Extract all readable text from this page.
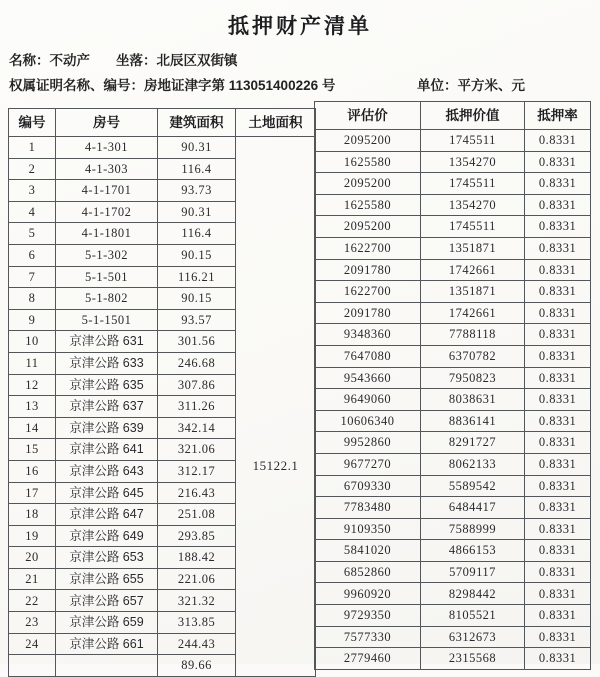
抵押财产清单
名称：不动产 坐落：北辰区双街镇
权属证明名称、编号：房地证津字第 113051400226 号	单位：平方米、元
编号	房号	建筑面积	土地面积
1	4-1-301	90.31	15122.1
2	4-1-303	116.4	
3	4-1-1701	93.73	
4	4-1-1702	90.31	
5	4-1-1801	116.4	
6	5-1-302	90.15	
7	5-1-501	116.21	
8	5-1-802	90.15	
9	5-1-1501	93.57	
10	京津公路 631	301.56	
11	京津公路 633	246.68	
12	京津公路 635	307.86	
13	京津公路 637	311.26	
14	京津公路 639	342.14	
15	京津公路 641	321.06	
16	京津公路 643	312.17	
17	京津公路 645	216.43	
18	京津公路 647	251.08	
19	京津公路 649	293.85	
20	京津公路 653	188.42	
21	京津公路 655	221.06	
22	京津公路 657	321.32	
23	京津公路 659	313.85	
24	京津公路 661	244.43	
		89.66	
评估价	抵押价值	抵押率
2095200	1745511	0.8331
1625580	1354270	0.8331
2095200	1745511	0.8331
1625580	1354270	0.8331
2095200	1745511	0.8331
1622700	1351871	0.8331
2091780	1742661	0.8331
1622700	1351871	0.8331
2091780	1742661	0.8331
9348360	7788118	0.8331
7647080	6370782	0.8331
9543660	7950823	0.8331
9649060	8038631	0.8331
10606340	8836141	0.8331
9952860	8291727	0.8331
9677270	8062133	0.8331
6709330	5589542	0.8331
7783480	6484417	0.8331
9109350	7588999	0.8331
5841020	4866153	0.8331
6852860	5709117	0.8331
9960920	8298442	0.8331
9729350	8105521	0.8331
7577330	6312673	0.8331
2779460	2315568	0.8331
